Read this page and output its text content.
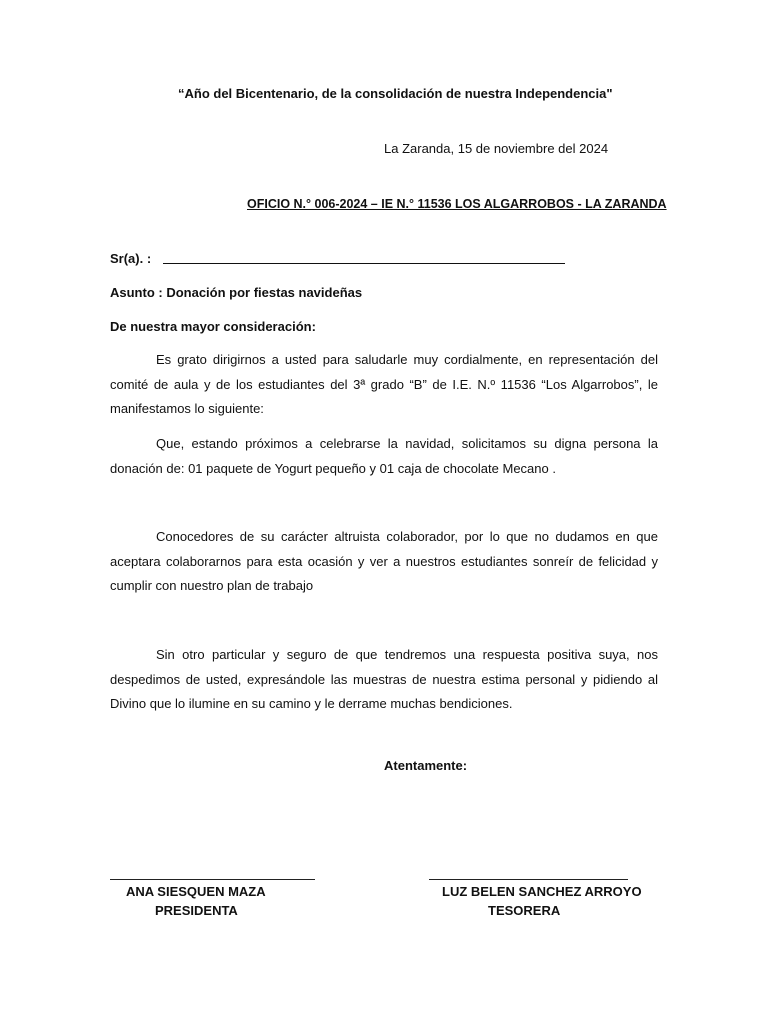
“Año del Bicentenario, de la consolidación de nuestra Independencia"
La Zaranda, 15 de noviembre del 2024
OFICIO N.° 006-2024 – IE N.° 11536 LOS ALGARROBOS - LA ZARANDA
Sr(a). :
Asunto : Donación por fiestas navideñas
De nuestra mayor consideración:
Es grato dirigirnos a usted para saludarle muy cordialmente, en representación del comité de aula y de los estudiantes del 3ª grado “B” de I.E. N.º 11536 “Los Algarrobos”, le manifestamos lo siguiente:
Que, estando próximos a celebrarse la navidad, solicitamos su digna persona la donación de: 01 paquete de Yogurt pequeño y 01 caja de chocolate Mecano .
Conocedores de su carácter altruista colaborador, por lo que no dudamos en que aceptara colaborarnos para esta ocasión y ver a nuestros estudiantes sonreír de felicidad y cumplir con nuestro plan de trabajo
Sin otro particular y seguro de que tendremos una respuesta positiva suya, nos despedimos de usted, expresándole las muestras de nuestra estima personal y pidiendo al Divino que lo ilumine en su camino y le derrame muchas bendiciones.
Atentamente:
ANA SIESQUEN MAZA
PRESIDENTA
LUZ BELEN SANCHEZ ARROYO
TESORERA
